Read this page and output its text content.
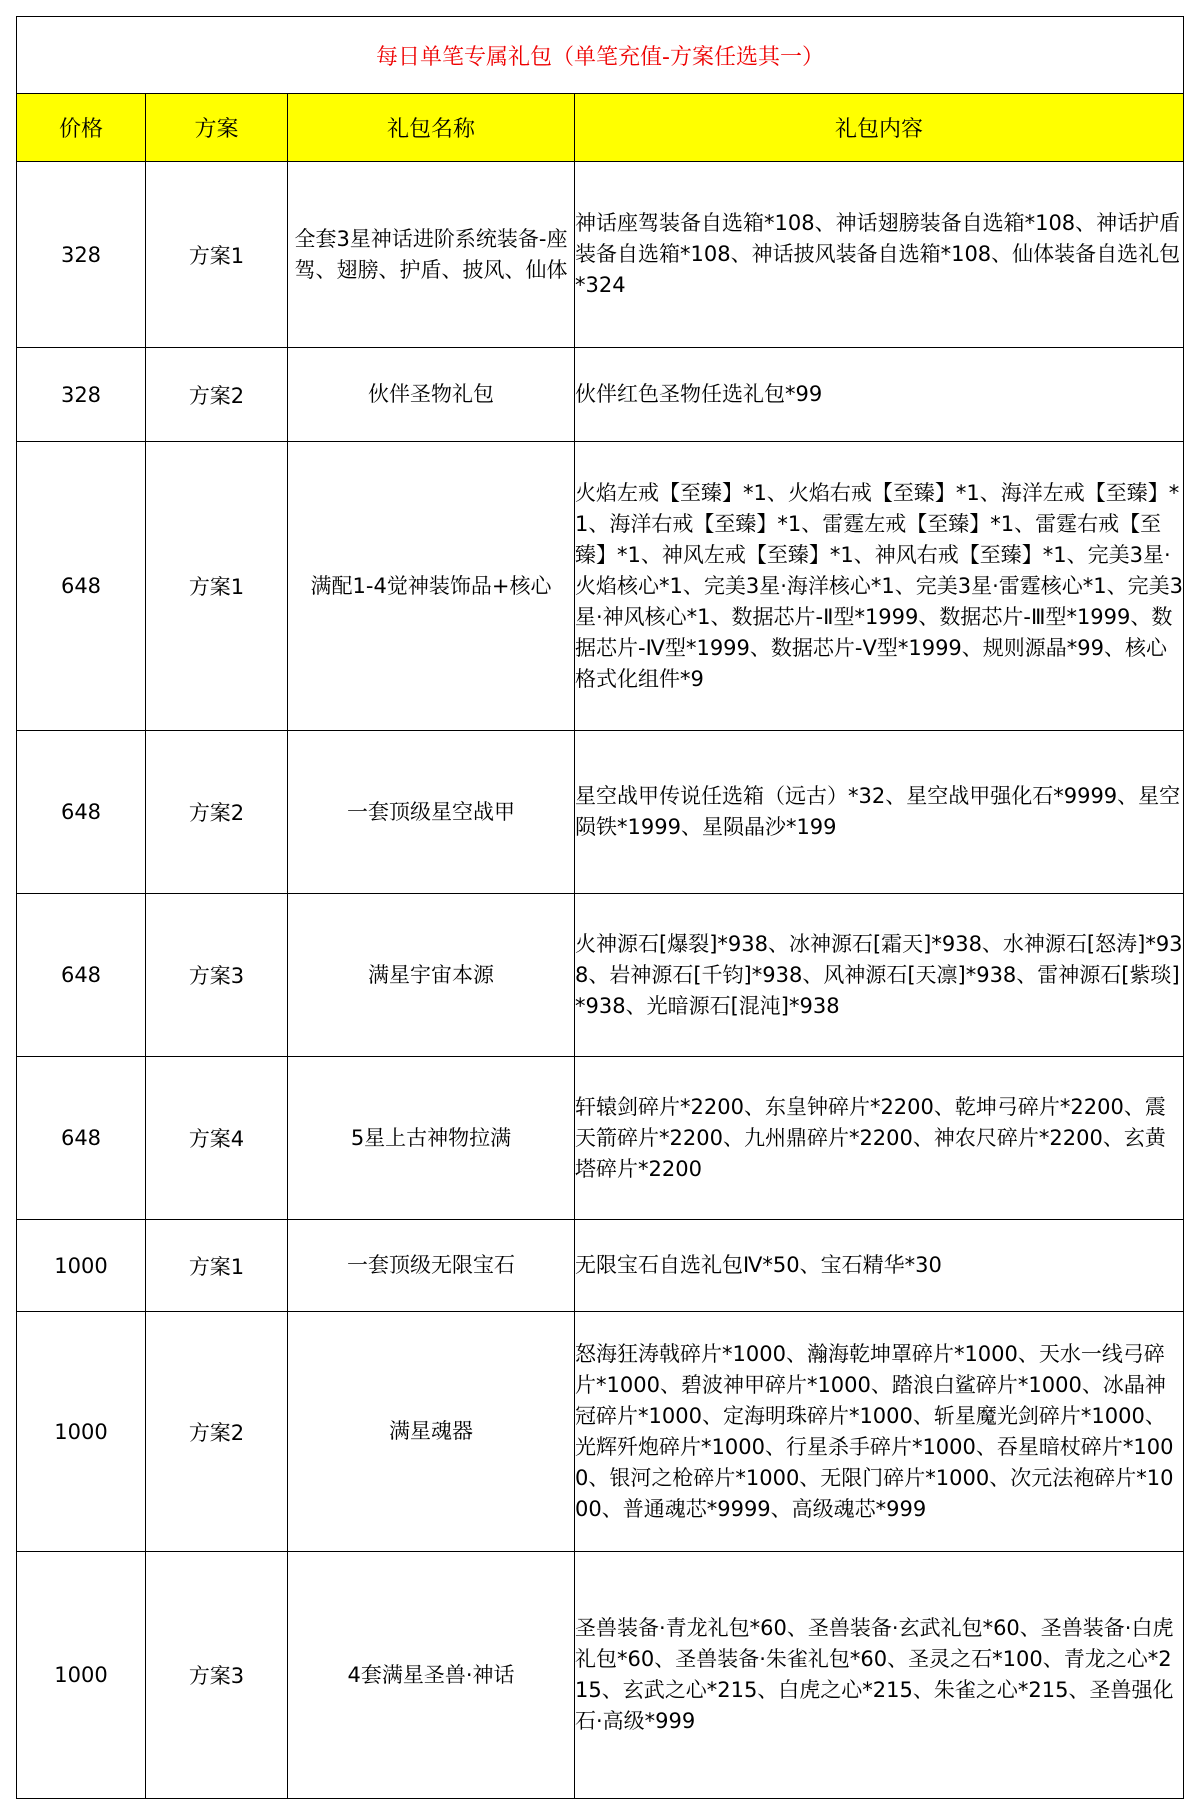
每日单笔专属礼包（单笔充值-方案任选其一）			
价格	方案	礼包名称	礼包内容
328	方案1	全套3星神话进阶系统装备-座驾、翅膀、护盾、披风、仙体	神话座驾装备自选箱*108、神话翅膀装备自选箱*108、神话护盾装备自选箱*108、神话披风装备自选箱*108、仙体装备自选礼包*324
328	方案2	伙伴圣物礼包	伙伴红色圣物任选礼包*99
648	方案1	满配1-4觉神装饰品+核心	火焰左戒【至臻】*1、火焰右戒【至臻】*1、海洋左戒【至臻】*1、海洋右戒【至臻】*1、雷霆左戒【至臻】*1、雷霆右戒【至臻】*1、神风左戒【至臻】*1、神风右戒【至臻】*1、完美3星·火焰核心*1、完美3星·海洋核心*1、完美3星·雷霆核心*1、完美3星·神风核心*1、数据芯片-Ⅱ型*1999、数据芯片-Ⅲ型*1999、数据芯片-Ⅳ型*1999、数据芯片-Ⅴ型*1999、规则源晶*99、核心格式化组件*9
648	方案2	一套顶级星空战甲	星空战甲传说任选箱（远古）*32、星空战甲强化石*9999、星空陨铁*1999、星陨晶沙*199
648	方案3	满星宇宙本源	火神源石[爆裂]*938、冰神源石[霜天]*938、水神源石[怒涛]*938、岩神源石[千钧]*938、风神源石[天凛]*938、雷神源石[紫琰]*938、光暗源石[混沌]*938
648	方案4	5星上古神物拉满	轩辕剑碎片*2200、东皇钟碎片*2200、乾坤弓碎片*2200、震天箭碎片*2200、九州鼎碎片*2200、神农尺碎片*2200、玄黄塔碎片*2200
1000	方案1	一套顶级无限宝石	无限宝石自选礼包Ⅳ*50、宝石精华*30
1000	方案2	满星魂器	怒海狂涛戟碎片*1000、瀚海乾坤罩碎片*1000、天水一线弓碎片*1000、碧波神甲碎片*1000、踏浪白鲨碎片*1000、冰晶神冠碎片*1000、定海明珠碎片*1000、斩星魔光剑碎片*1000、光辉歼炮碎片*1000、行星杀手碎片*1000、吞星暗杖碎片*1000、银河之枪碎片*1000、无限门碎片*1000、次元法袍碎片*1000、普通魂芯*9999、高级魂芯*999
1000	方案3	4套满星圣兽·神话	圣兽装备·青龙礼包*60、圣兽装备·玄武礼包*60、圣兽装备·白虎礼包*60、圣兽装备·朱雀礼包*60、圣灵之石*100、青龙之心*215、玄武之心*215、白虎之心*215、朱雀之心*215、圣兽强化石·高级*999
